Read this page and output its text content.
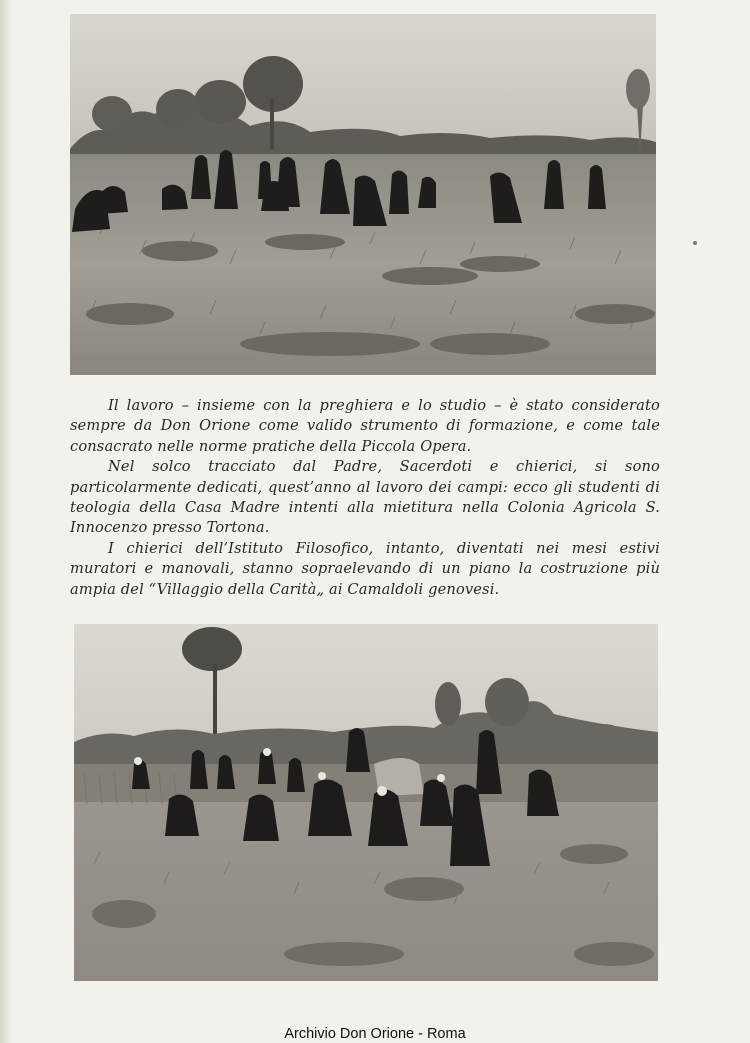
Il lavoro – insieme con la preghiera e lo studio – è stato considerato sempre da Don Orione come valido strumento di formazione, e come tale consacrato nelle norme pratiche della Piccola Opera.

Nel solco tracciato dal Padre, Sacerdoti e chierici, si sono particolarmente dedicati, quest’anno al lavoro dei campi: ecco gli studenti di teologia della Casa Madre intenti alla mietitura nella Colonia Agricola S. Innocenzo presso Tortona.

I chierici dell’Istituto Filosofico, intanto, diventati nei mesi estivi muratori e manovali, stanno sopraelevando di un piano la costruzione più ampia del “Villaggio della Carità„ ai Camaldoli genovesi.

Archivio Don Orione - Roma
